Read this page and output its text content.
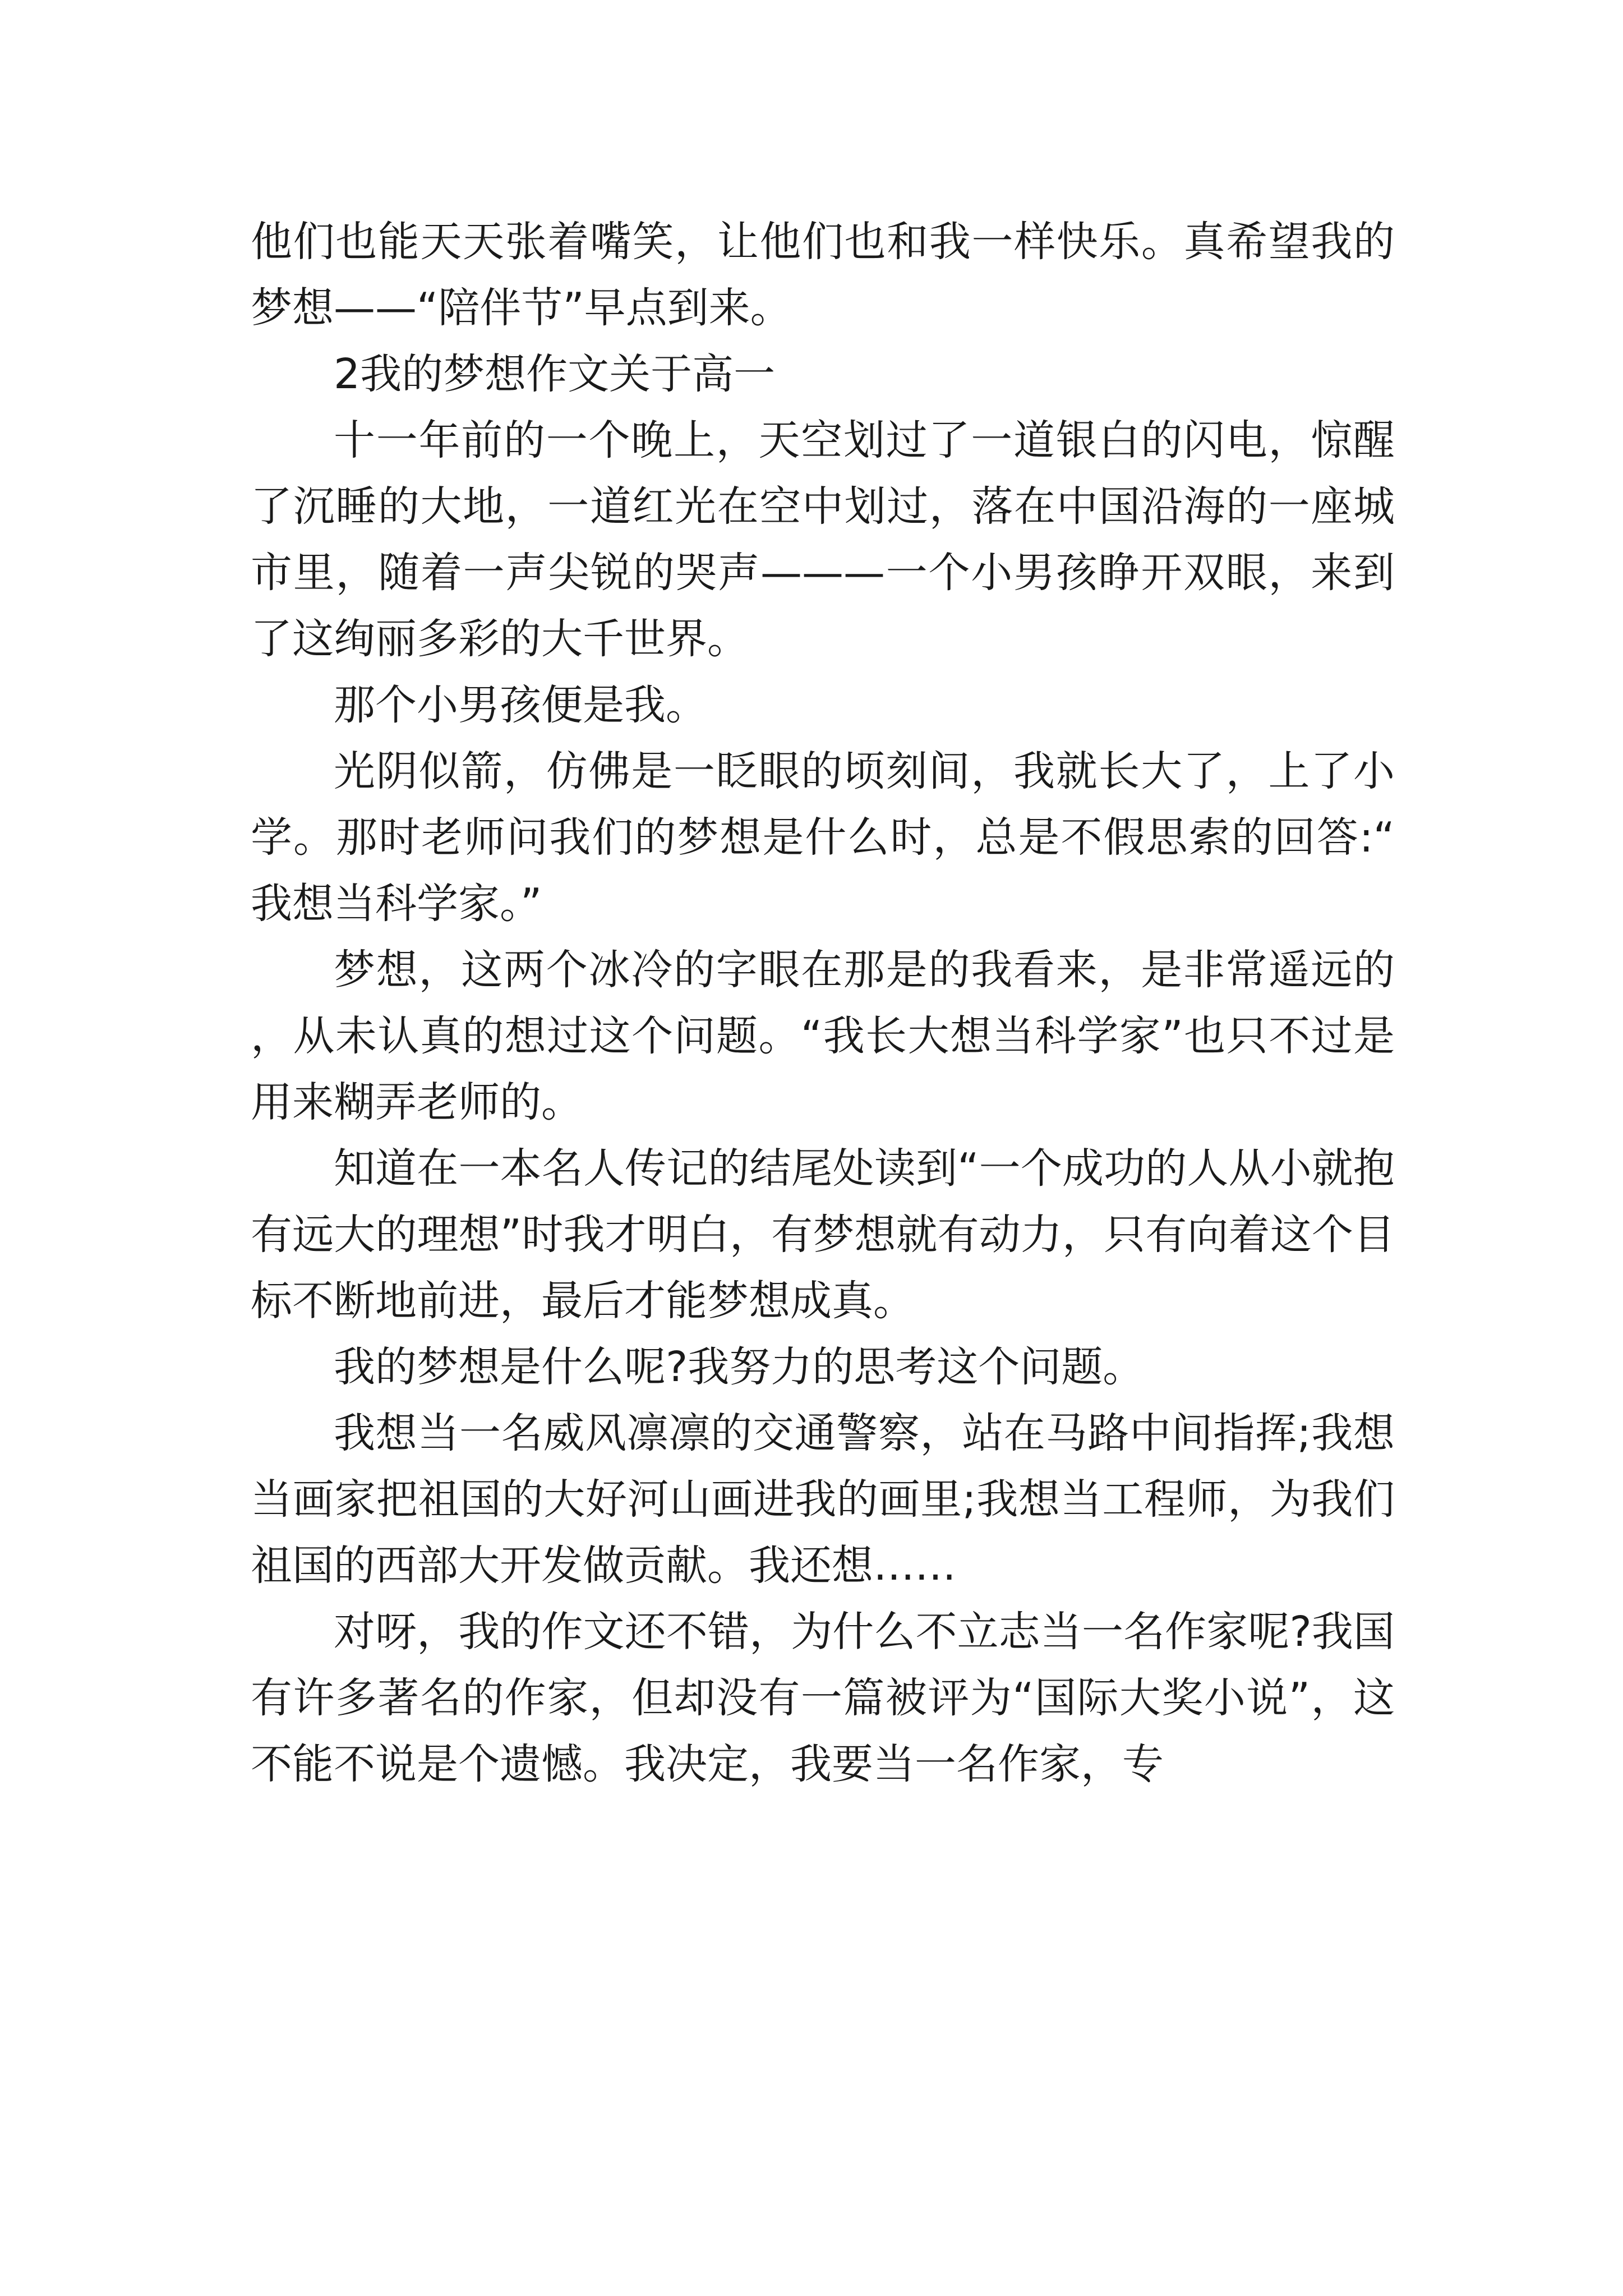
他们也能天天张着嘴笑，让他们也和我一样快乐。真希望我的梦想——“陪伴节”早点到来。

2我的梦想作文关于高一

十一年前的一个晚上，天空划过了一道银白的闪电，惊醒了沉睡的大地，一道红光在空中划过，落在中国沿海的一座城市里，随着一声尖锐的哭声———一个小男孩睁开双眼，来到了这绚丽多彩的大千世界。

那个小男孩便是我。

光阴似箭，仿佛是一眨眼的顷刻间，我就长大了，上了小学。那时老师问我们的梦想是什么时，总是不假思索的回答:“我想当科学家。”

梦想，这两个冰冷的字眼在那是的我看来，是非常遥远的，从未认真的想过这个问题。“我长大想当科学家”也只不过是用来糊弄老师的。

知道在一本名人传记的结尾处读到“一个成功的人从小就抱有远大的理想”时我才明白，有梦想就有动力，只有向着这个目标不断地前进，最后才能梦想成真。

我的梦想是什么呢?我努力的思考这个问题。

我想当一名威风凛凛的交通警察，站在马路中间指挥;我想当画家把祖国的大好河山画进我的画里;我想当工程师，为我们祖国的西部大开发做贡献。我还想……

对呀，我的作文还不错，为什么不立志当一名作家呢?我国有许多著名的作家，但却没有一篇被评为“国际大奖小说”，这不能不说是个遗憾。我决定，我要当一名作家，专
